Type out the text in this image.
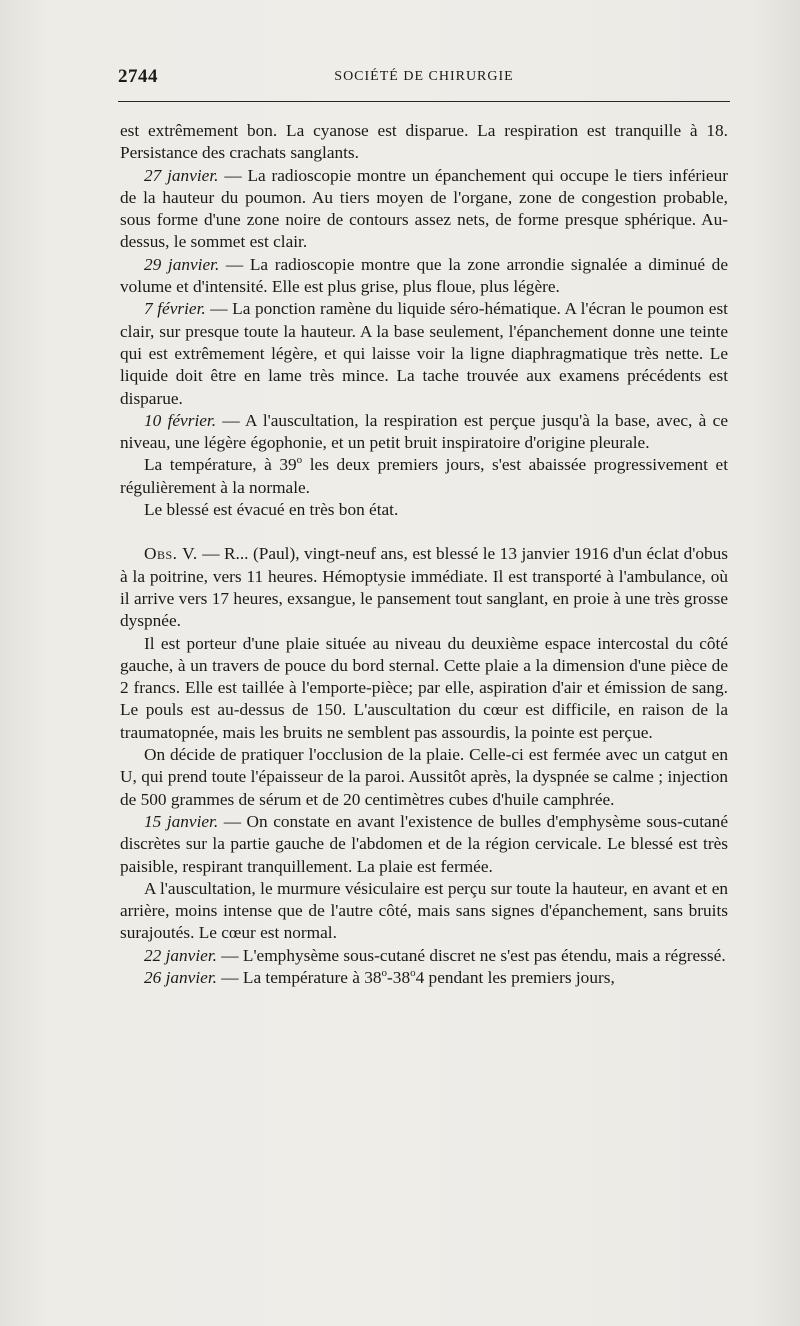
2744	SOCIÉTÉ DE CHIRURGIE

est extrêmement bon. La cyanose est disparue. La respiration est tranquille à 18. Persistance des crachats sanglants.

27 janvier. — La radioscopie montre un épanchement qui occupe le tiers inférieur de la hauteur du poumon. Au tiers moyen de l'organe, zone de congestion probable, sous forme d'une zone noire de contours assez nets, de forme presque sphérique. Au-dessus, le sommet est clair.

29 janvier. — La radioscopie montre que la zone arrondie signalée a diminué de volume et d'intensité. Elle est plus grise, plus floue, plus légère.

7 février. — La ponction ramène du liquide séro-hématique. A l'écran le poumon est clair, sur presque toute la hauteur. A la base seulement, l'épanchement donne une teinte qui est extrêmement légère, et qui laisse voir la ligne diaphragmatique très nette. Le liquide doit être en lame très mince. La tache trouvée aux examens précédents est disparue.

10 février. — A l'auscultation, la respiration est perçue jusqu'à la base, avec, à ce niveau, une légère égophonie, et un petit bruit inspiratoire d'origine pleurale.

La température, à 39$^o$ les deux premiers jours, s'est abaissée progressivement et régulièrement à la normale.

Le blessé est évacué en très bon état.

Obs. V. — R... (Paul), vingt-neuf ans, est blessé le 13 janvier 1916 d'un éclat d'obus à la poitrine, vers 11 heures. Hémoptysie immédiate. Il est transporté à l'ambulance, où il arrive vers 17 heures, exsangue, le pansement tout sanglant, en proie à une très grosse dyspnée.

Il est porteur d'une plaie située au niveau du deuxième espace intercostal du côté gauche, à un travers de pouce du bord sternal. Cette plaie a la dimension d'une pièce de 2 francs. Elle est taillée à l'emporte-pièce; par elle, aspiration d'air et émission de sang. Le pouls est au-dessus de 150. L'auscultation du cœur est difficile, en raison de la traumatopnée, mais les bruits ne semblent pas assourdis, la pointe est perçue.

On décide de pratiquer l'occlusion de la plaie. Celle-ci est fermée avec un catgut en U, qui prend toute l'épaisseur de la paroi. Aussitôt après, la dyspnée se calme ; injection de 500 grammes de sérum et de 20 centimètres cubes d'huile camphrée.

15 janvier. — On constate en avant l'existence de bulles d'emphysème sous-cutané discrètes sur la partie gauche de l'abdomen et de la région cervicale. Le blessé est très paisible, respirant tranquillement. La plaie est fermée.

A l'auscultation, le murmure vésiculaire est perçu sur toute la hauteur, en avant et en arrière, moins intense que de l'autre côté, mais sans signes d'épanchement, sans bruits surajoutés. Le cœur est normal.

22 janvier. — L'emphysème sous-cutané discret ne s'est pas étendu, mais a régressé.

26 janvier. — La température à 38$^o$-38$^o$4 pendant les premiers jours,
